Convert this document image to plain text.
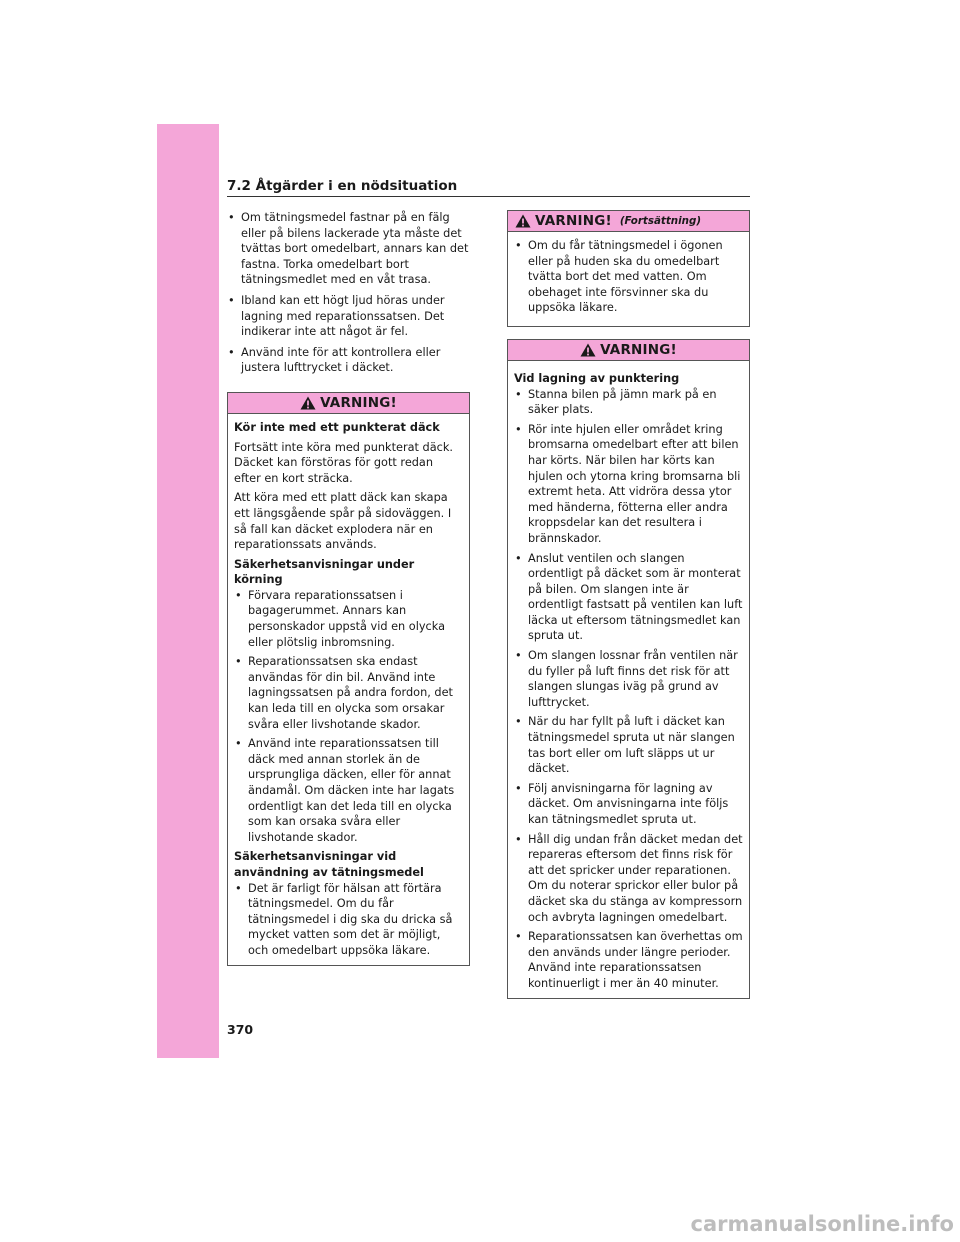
7.2 Åtgärder i en nödsituation
• Om tätningsmedel fastnar på en fälg eller på bilens lackerade yta måste det tvättas bort omedelbart, annars kan det fastna. Torka omedelbart bort tätningsmedlet med en våt trasa.
• Ibland kan ett högt ljud höras under lagning med reparationssatsen. Det indikerar inte att något är fel.
• Använd inte för att kontrollera eller justera lufttrycket i däcket.
VARNING!
Kör inte med ett punkterat däck

Fortsätt inte köra med punkterat däck. Däcket kan förstöras för gott redan efter en kort sträcka.

Att köra med ett platt däck kan skapa ett längsgående spår på sidoväggen. I så fall kan däcket explodera när en reparationssats används.

Säkerhetsanvisningar under körning
• Förvara reparationssatsen i bagagerummet. Annars kan personskador uppstå vid en olycka eller plötslig inbromsning.
• Reparationssatsen ska endast användas för din bil. Använd inte lagningssatsen på andra fordon, det kan leda till en olycka som orsakar svåra eller livshotande skador.
• Använd inte reparationssatsen till däck med annan storlek än de ursprungliga däcken, eller för annat ändamål. Om däcken inte har lagats ordentligt kan det leda till en olycka som kan orsaka svåra eller livshotande skador.
Säkerhetsanvisningar vid användning av tätningsmedel
• Det är farligt för hälsan att förtära tätningsmedel. Om du får tätningsmedel i dig ska du dricka så mycket vatten som det är möjligt, och omedelbart uppsöka läkare.
VARNING! (Fortsättning)
• Om du får tätningsmedel i ögonen eller på huden ska du omedelbart tvätta bort det med vatten. Om obehaget inte försvinner ska du uppsöka läkare.
VARNING!
Vid lagning av punktering
• Stanna bilen på jämn mark på en säker plats.
• Rör inte hjulen eller området kring bromsarna omedelbart efter att bilen har körts. När bilen har körts kan hjulen och ytorna kring bromsarna bli extremt heta. Att vidröra dessa ytor med händerna, fötterna eller andra kroppsdelar kan det resultera i brännskador.
• Anslut ventilen och slangen ordentligt på däcket som är monterat på bilen. Om slangen inte är ordentligt fastsatt på ventilen kan luft läcka ut eftersom tätningsmedlet kan spruta ut.
• Om slangen lossnar från ventilen när du fyller på luft finns det risk för att slangen slungas iväg på grund av lufttrycket.
• När du har fyllt på luft i däcket kan tätningsmedel spruta ut när slangen tas bort eller om luft släpps ut ur däcket.
• Följ anvisningarna för lagning av däcket. Om anvisningarna inte följs kan tätningsmedlet spruta ut.
• Håll dig undan från däcket medan det repareras eftersom det finns risk för att det spricker under reparationen. Om du noterar sprickor eller bulor på däcket ska du stänga av kompressorn och avbryta lagningen omedelbart.
• Reparationssatsen kan överhettas om den används under längre perioder. Använd inte reparationssatsen kontinuerligt i mer än 40 minuter.
370
carmanualsonline.info
